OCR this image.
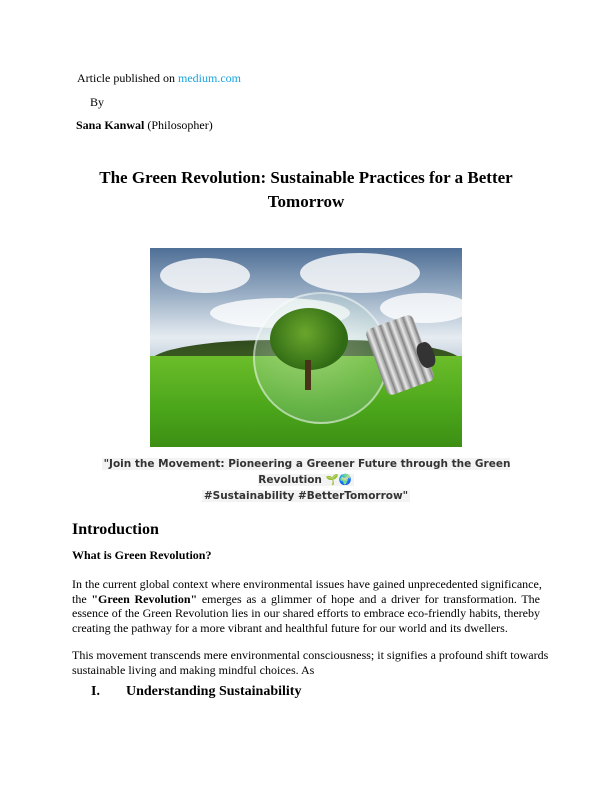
Article published on medium.com
By
Sana Kanwal (Philosopher)
The Green Revolution: Sustainable Practices for a Better
Tomorrow
"Join the Movement: Pioneering a Greener Future through the Green Revolution 🌱🌍
#Sustainability #BetterTomorrow"
Introduction
What is Green Revolution?
In the current global context where environmental issues have gained unprecedented significance,
the "Green Revolution" emerges as a glimmer of hope and a driver for transformation. The
essence of the Green Revolution lies in our shared efforts to embrace eco-friendly habits, thereby
creating the pathway for a more vibrant and healthful future for our world and its dwellers.
This movement transcends mere environmental consciousness; it signifies a profound shift towards
sustainable living and making mindful choices. As
I. Understanding Sustainability
